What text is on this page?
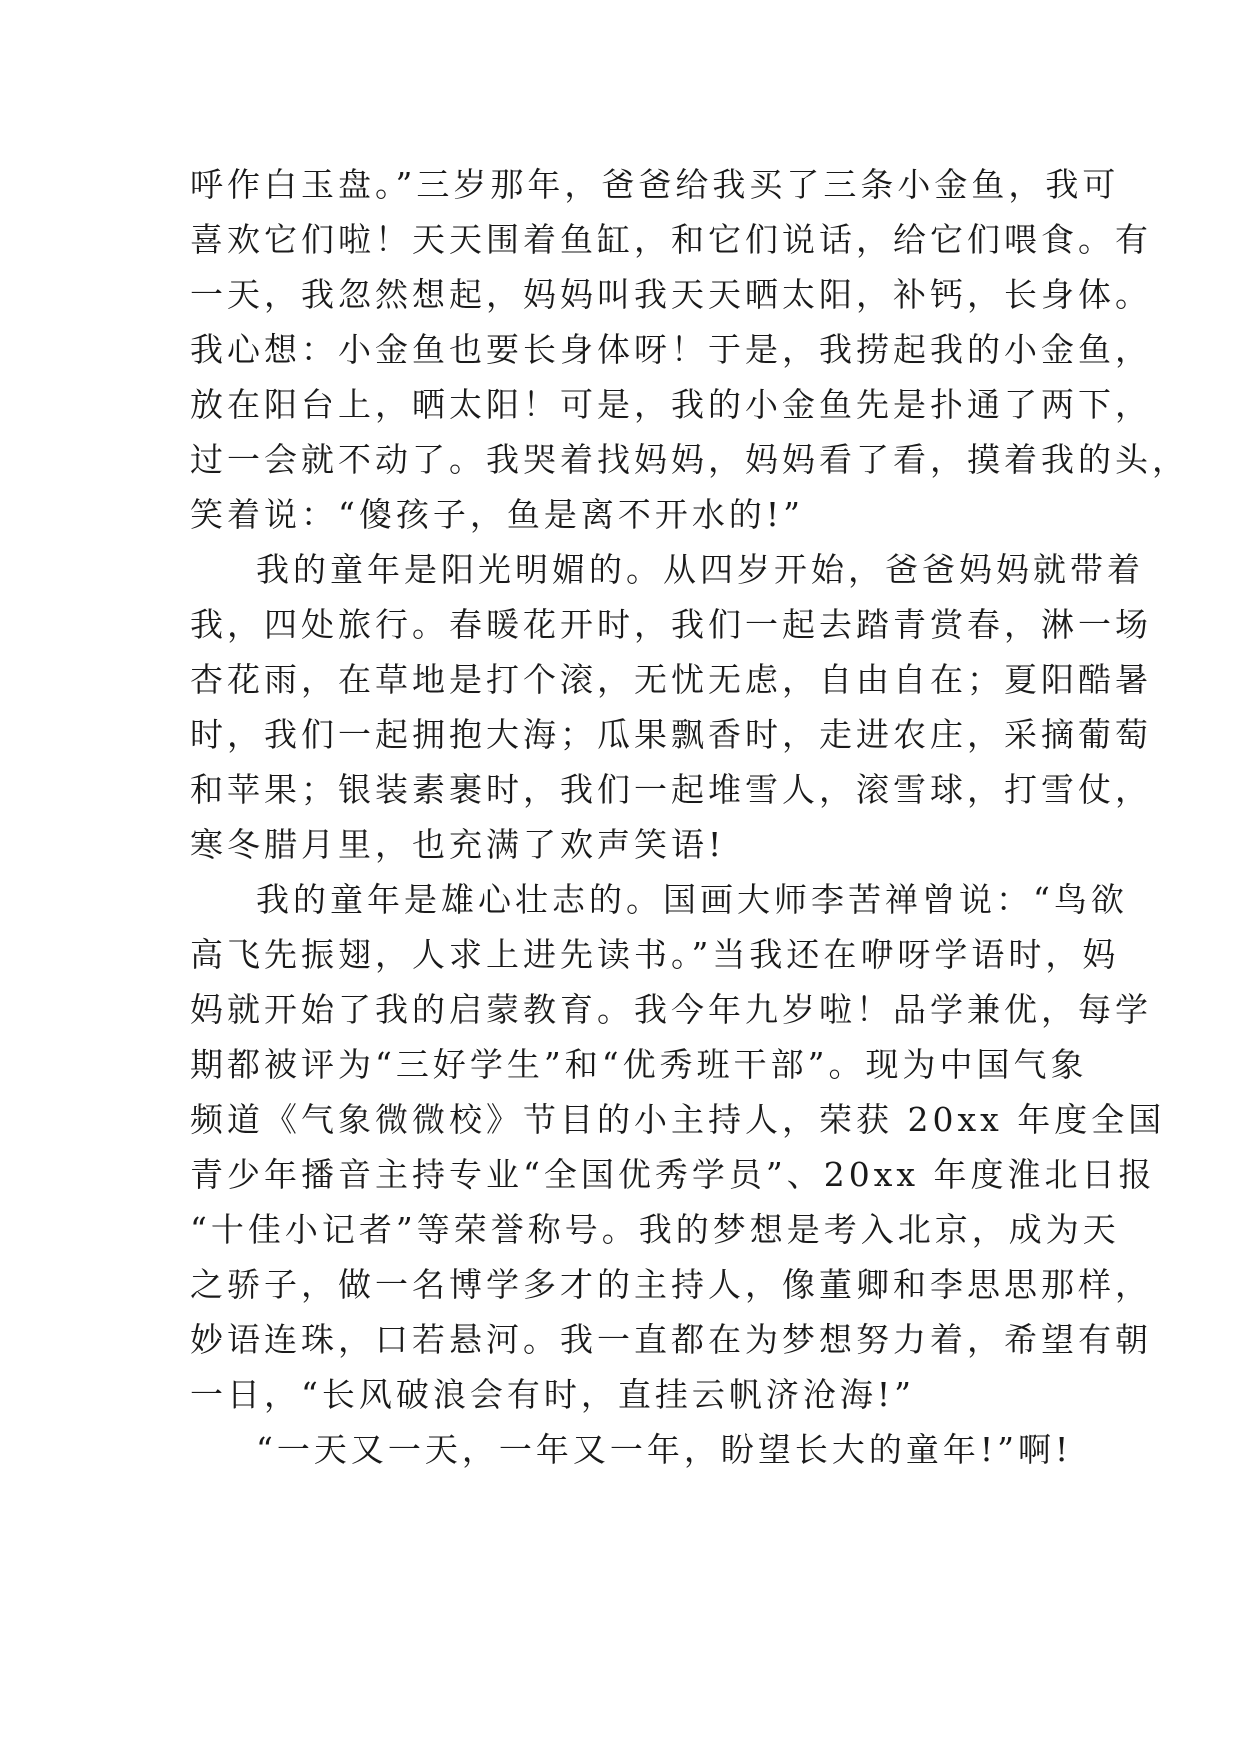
呼作白玉盘。”三岁那年，爸爸给我买了三条小金鱼，我可
喜欢它们啦！天天围着鱼缸，和它们说话，给它们喂食。有
一天，我忽然想起，妈妈叫我天天晒太阳，补钙，长身体。
我心想：小金鱼也要长身体呀！于是，我捞起我的小金鱼，
放在阳台上，晒太阳！可是，我的小金鱼先是扑通了两下，
过一会就不动了。我哭着找妈妈，妈妈看了看，摸着我的头，
笑着说：“傻孩子，鱼是离不开水的!”
我的童年是阳光明媚的。从四岁开始，爸爸妈妈就带着
我，四处旅行。春暖花开时，我们一起去踏青赏春，淋一场
杏花雨，在草地是打个滚，无忧无虑，自由自在；夏阳酷暑
时，我们一起拥抱大海；瓜果飘香时，走进农庄，采摘葡萄
和苹果；银装素裹时，我们一起堆雪人，滚雪球，打雪仗，
寒冬腊月里，也充满了欢声笑语!
我的童年是雄心壮志的。国画大师李苦禅曾说：“鸟欲
高飞先振翅，人求上进先读书。”当我还在咿呀学语时，妈
妈就开始了我的启蒙教育。我今年九岁啦！品学兼优，每学
期都被评为“三好学生”和“优秀班干部”。现为中国气象
频道《气象微微校》节目的小主持人，荣获 20xx 年度全国
青少年播音主持专业“全国优秀学员”、20xx 年度淮北日报
“十佳小记者”等荣誉称号。我的梦想是考入北京，成为天
之骄子，做一名博学多才的主持人，像董卿和李思思那样，
妙语连珠，口若悬河。我一直都在为梦想努力着，希望有朝
一日，“长风破浪会有时，直挂云帆济沧海!”
“一天又一天，一年又一年，盼望长大的童年!”啊!
